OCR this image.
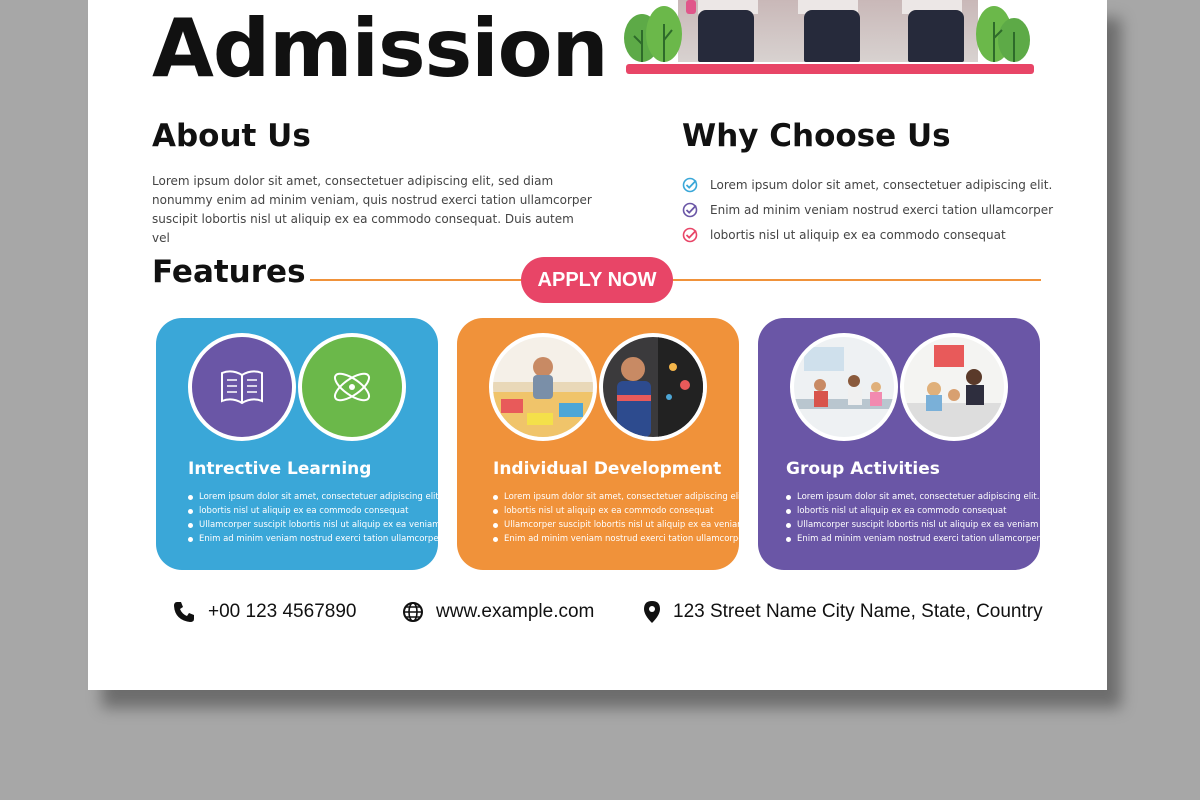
Admission
About Us
Lorem ipsum dolor sit amet, consectetuer adipiscing elit, sed diam nonummy enim ad minim veniam, quis nostrud exerci tation ullamcorper suscipit lobortis nisl ut aliquip ex ea commodo consequat. Duis autem vel
Why Choose Us
Lorem ipsum dolor sit amet, consectetuer adipiscing elit.
Enim ad minim veniam nostrud exerci tation ullamcorper
lobortis nisl ut aliquip ex ea commodo consequat
Features	APPLY NOW
Intrective Learning
Lorem ipsum dolor sit amet, consectetuer adipiscing elit.
lobortis nisl ut aliquip ex ea commodo consequat
Ullamcorper suscipit lobortis nisl ut aliquip ex ea veniam
Enim ad minim veniam nostrud exerci tation ullamcorper
Individual Development
Lorem ipsum dolor sit amet, consectetuer adipiscing elit.
lobortis nisl ut aliquip ex ea commodo consequat
Ullamcorper suscipit lobortis nisl ut aliquip ex ea veniam
Enim ad minim veniam nostrud exerci tation ullamcorper
Group Activities
Lorem ipsum dolor sit amet, consectetuer adipiscing elit.
lobortis nisl ut aliquip ex ea commodo consequat
Ullamcorper suscipit lobortis nisl ut aliquip ex ea veniam
Enim ad minim veniam nostrud exerci tation ullamcorper
+00 123 4567890	www.example.com	123 Street Name City Name, State, Country
